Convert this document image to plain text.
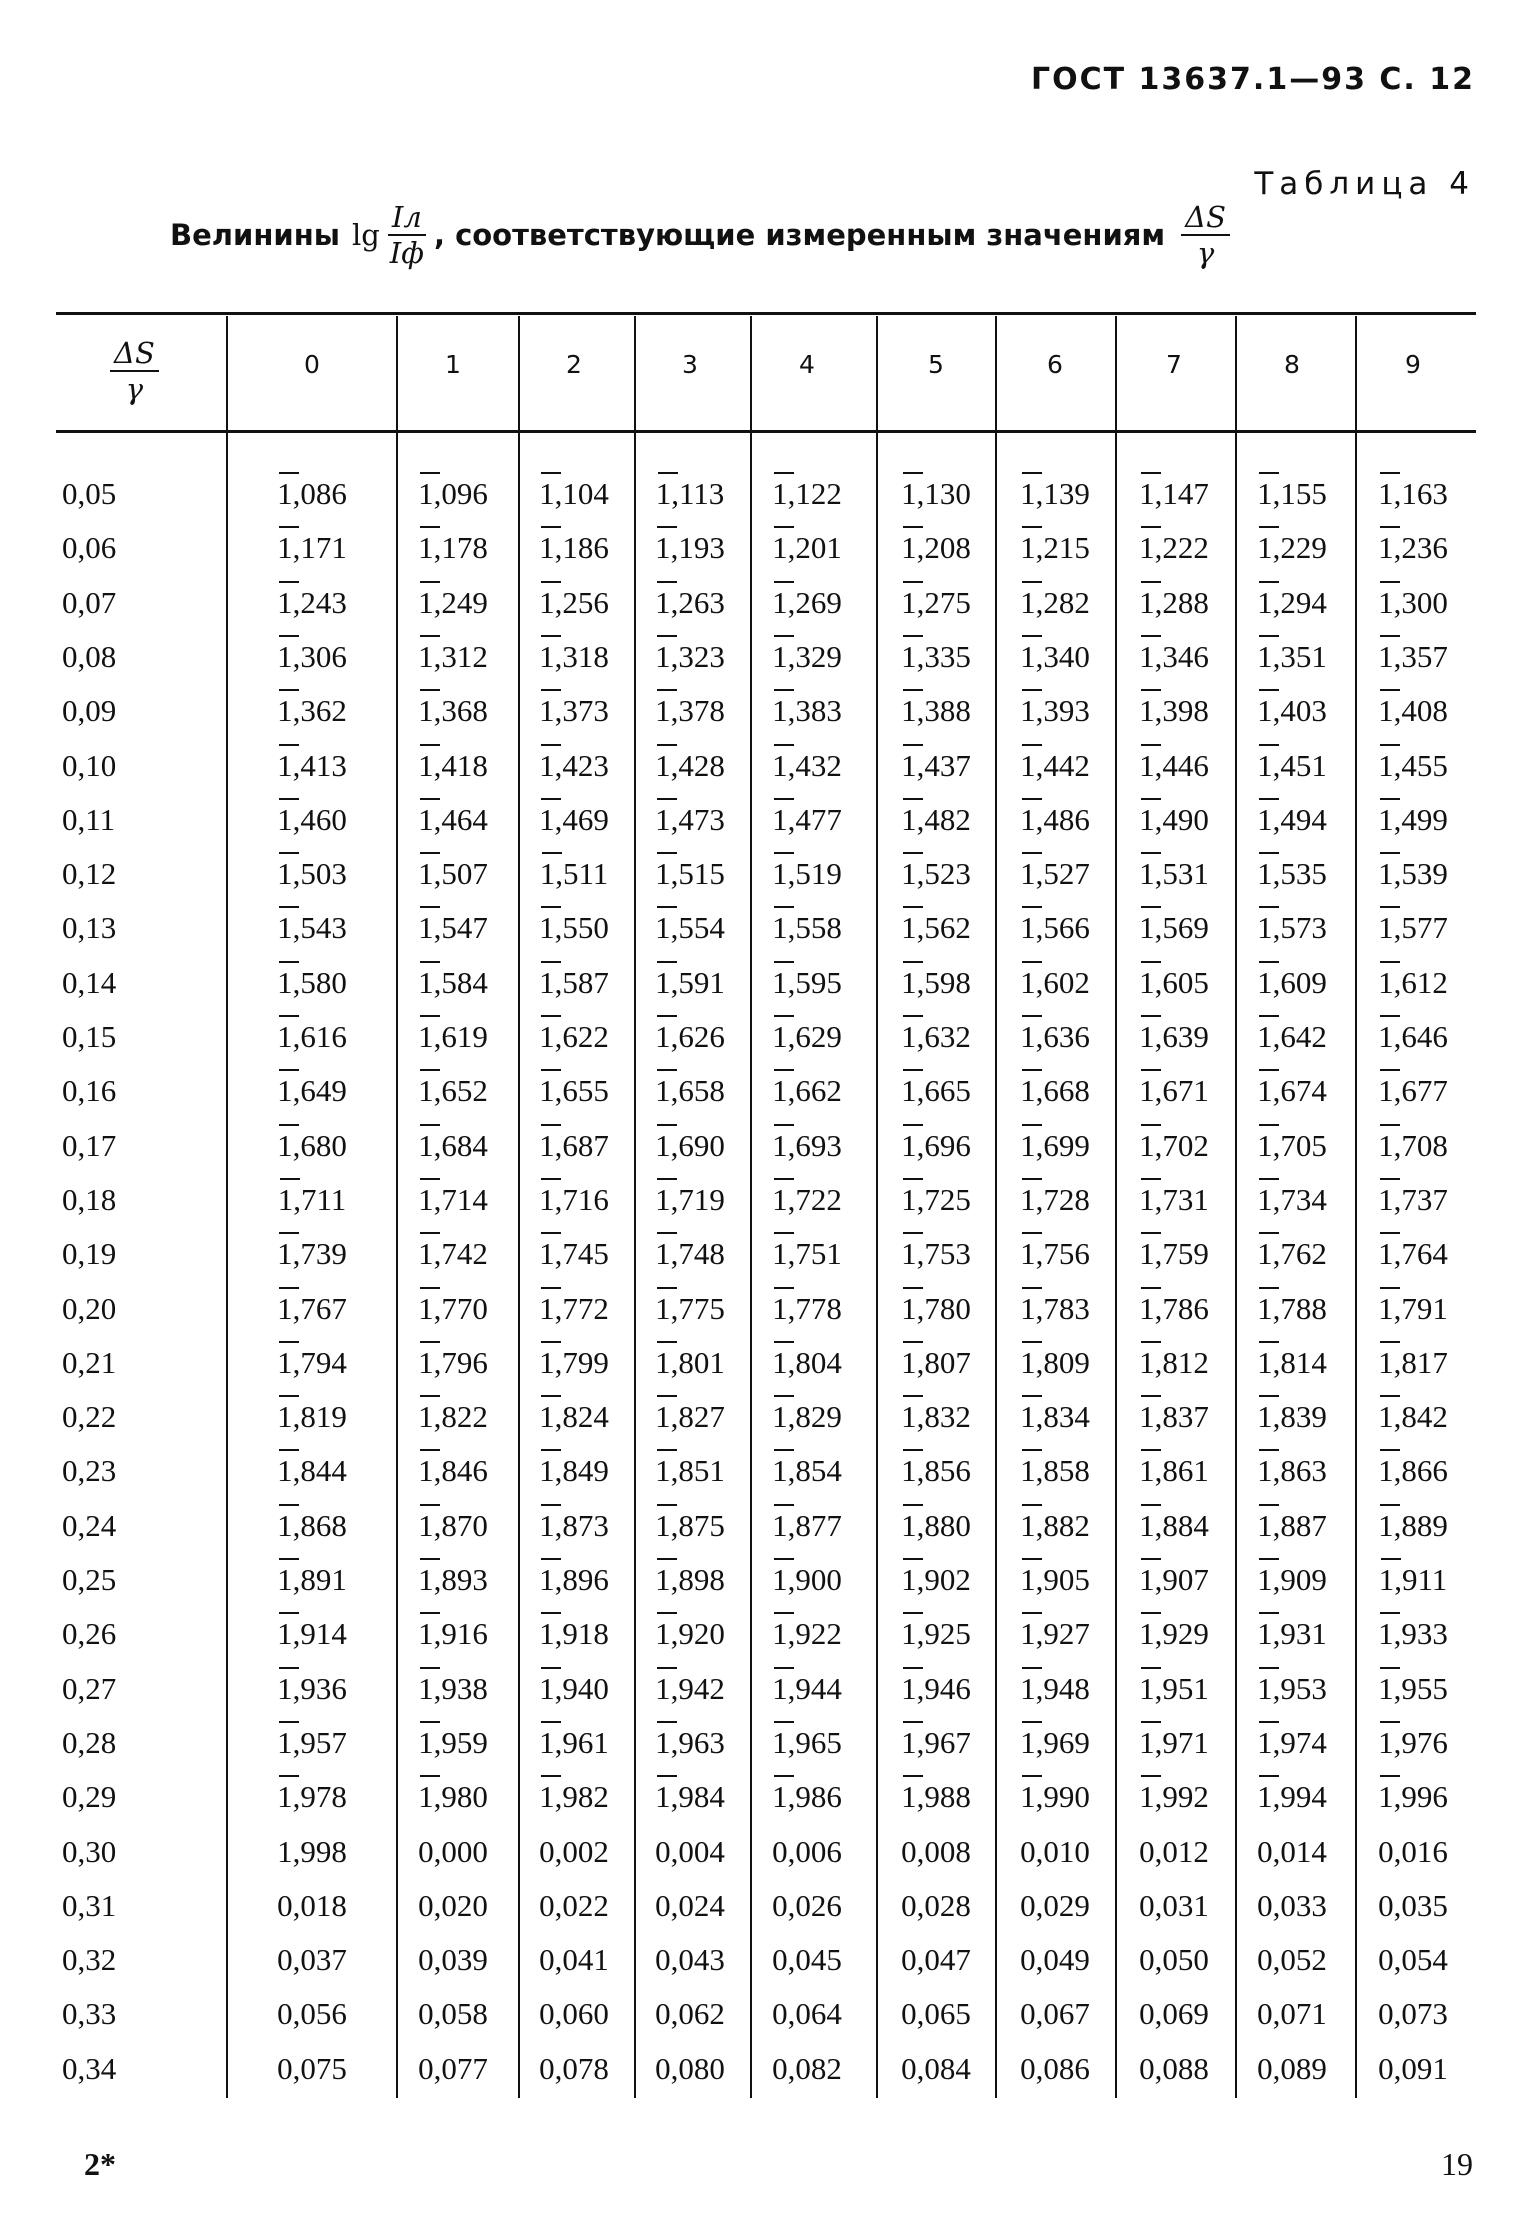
ГОСТ 13637.1—93 С. 12
Таблица 4
Велинины $\lg \frac{Iл}{Iф}$ , соответствующие измеренным значениям $\frac{\Delta S}{\gamma}$
$\frac{\Delta S}{\gamma}$	0	1	2	3	4	5	6	7	8	9
0,05	1,086	1,096	1,104	1,113	1,122	1,130	1,139	1,147	1,155	1,163
0,06	1,171	1,178	1,186	1,193	1,201	1,208	1,215	1,222	1,229	1,236
0,07	1,243	1,249	1,256	1,263	1,269	1,275	1,282	1,288	1,294	1,300
0,08	1,306	1,312	1,318	1,323	1,329	1,335	1,340	1,346	1,351	1,357
0,09	1,362	1,368	1,373	1,378	1,383	1,388	1,393	1,398	1,403	1,408
0,10	1,413	1,418	1,423	1,428	1,432	1,437	1,442	1,446	1,451	1,455
0,11	1,460	1,464	1,469	1,473	1,477	1,482	1,486	1,490	1,494	1,499
0,12	1,503	1,507	1,511	1,515	1,519	1,523	1,527	1,531	1,535	1,539
0,13	1,543	1,547	1,550	1,554	1,558	1,562	1,566	1,569	1,573	1,577
0,14	1,580	1,584	1,587	1,591	1,595	1,598	1,602	1,605	1,609	1,612
0,15	1,616	1,619	1,622	1,626	1,629	1,632	1,636	1,639	1,642	1,646
0,16	1,649	1,652	1,655	1,658	1,662	1,665	1,668	1,671	1,674	1,677
0,17	1,680	1,684	1,687	1,690	1,693	1,696	1,699	1,702	1,705	1,708
0,18	1,711	1,714	1,716	1,719	1,722	1,725	1,728	1,731	1,734	1,737
0,19	1,739	1,742	1,745	1,748	1,751	1,753	1,756	1,759	1,762	1,764
0,20	1,767	1,770	1,772	1,775	1,778	1,780	1,783	1,786	1,788	1,791
0,21	1,794	1,796	1,799	1,801	1,804	1,807	1,809	1,812	1,814	1,817
0,22	1,819	1,822	1,824	1,827	1,829	1,832	1,834	1,837	1,839	1,842
0,23	1,844	1,846	1,849	1,851	1,854	1,856	1,858	1,861	1,863	1,866
0,24	1,868	1,870	1,873	1,875	1,877	1,880	1,882	1,884	1,887	1,889
0,25	1,891	1,893	1,896	1,898	1,900	1,902	1,905	1,907	1,909	1,911
0,26	1,914	1,916	1,918	1,920	1,922	1,925	1,927	1,929	1,931	1,933
0,27	1,936	1,938	1,940	1,942	1,944	1,946	1,948	1,951	1,953	1,955
0,28	1,957	1,959	1,961	1,963	1,965	1,967	1,969	1,971	1,974	1,976
0,29	1,978	1,980	1,982	1,984	1,986	1,988	1,990	1,992	1,994	1,996
0,30	1,998	0,000	0,002	0,004	0,006	0,008	0,010	0,012	0,014	0,016
0,31	0,018	0,020	0,022	0,024	0,026	0,028	0,029	0,031	0,033	0,035
0,32	0,037	0,039	0,041	0,043	0,045	0,047	0,049	0,050	0,052	0,054
0,33	0,056	0,058	0,060	0,062	0,064	0,065	0,067	0,069	0,071	0,073
0,34	0,075	0,077	0,078	0,080	0,082	0,084	0,086	0,088	0,089	0,091
2*	19
